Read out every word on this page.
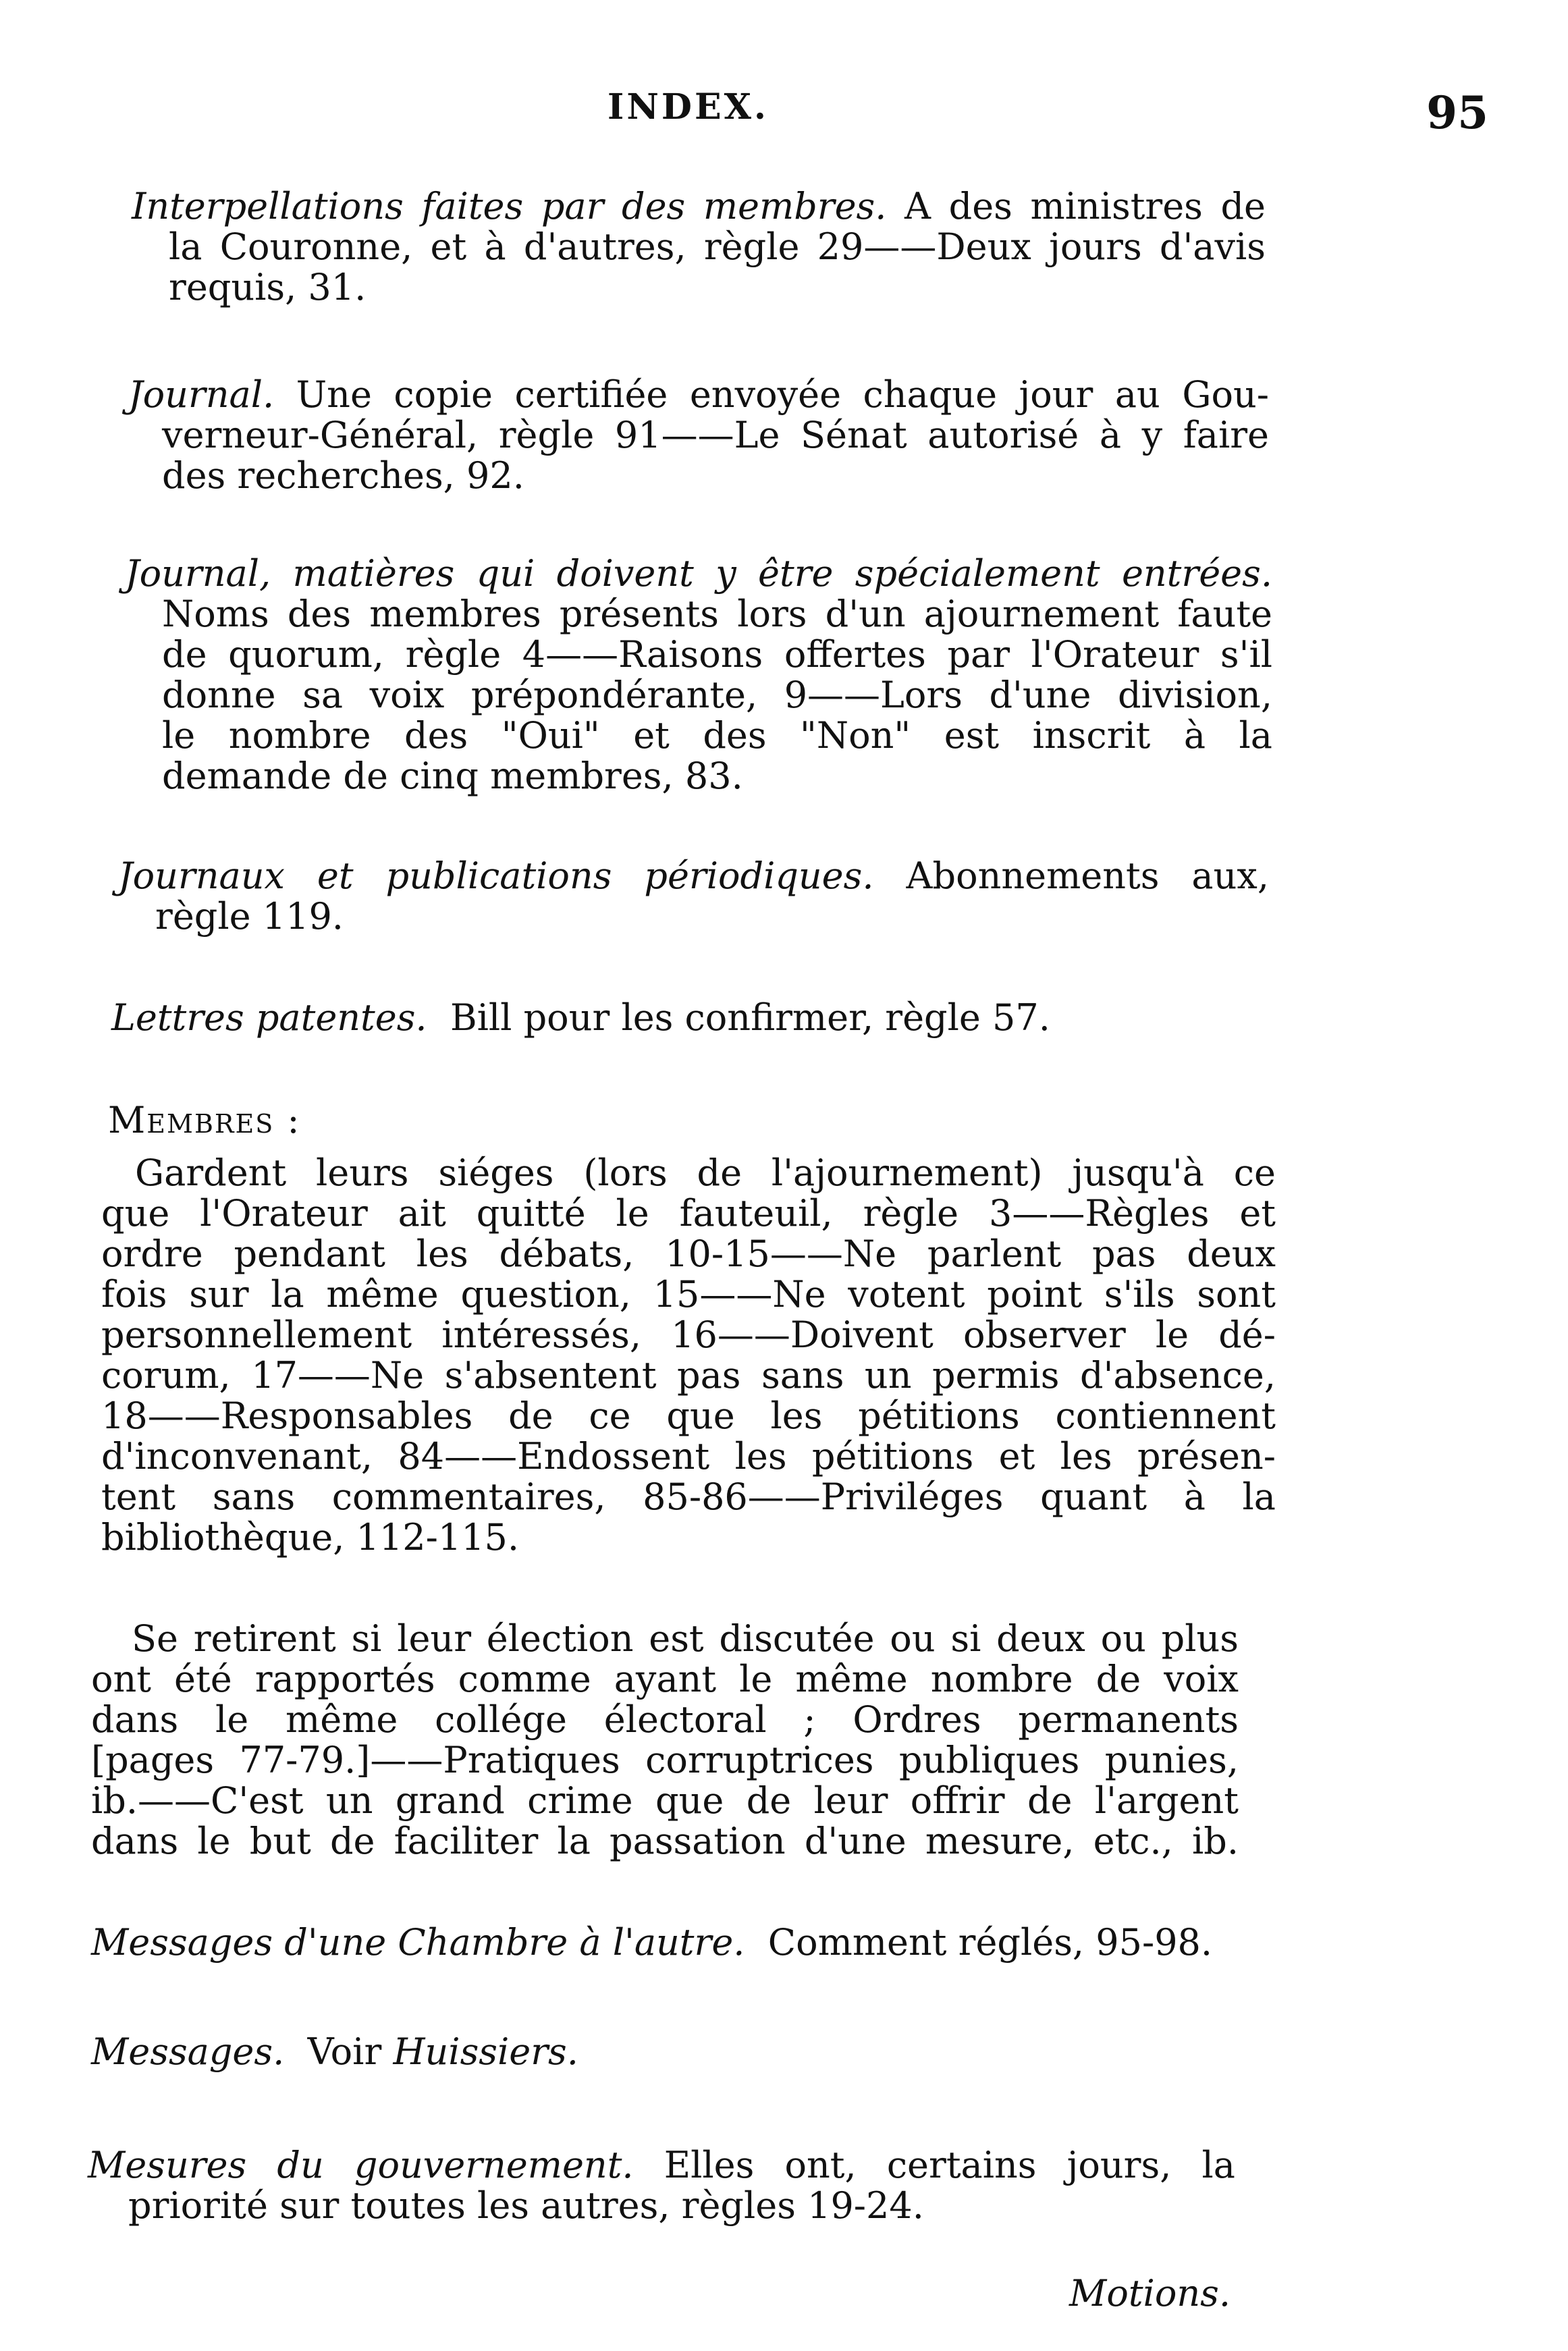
INDEX.	95
Interpellations faites par des membres. A des ministres de
la Couronne, et à d'autres, règle 29——Deux jours d'avis
requis, 31.
Journal. Une copie certifiée envoyée chaque jour au Gou-
verneur-Général, règle 91——Le Sénat autorisé à y faire
des recherches, 92.
Journal, matières qui doivent y être spécialement entrées.
Noms des membres présents lors d'un ajournement faute
de quorum, règle 4——Raisons offertes par l'Orateur s'il
donne sa voix prépondérante, 9——Lors d'une division,
le nombre des "Oui" et des "Non" est inscrit à la
demande de cinq membres, 83.
Journaux et publications périodiques. Abonnements aux,
règle 119.
Lettres patentes. Bill pour les confirmer, règle 57.
Membres :
Gardent leurs siéges (lors de l'ajournement) jusqu'à ce
que l'Orateur ait quitté le fauteuil, règle 3——Règles et
ordre pendant les débats, 10-15——Ne parlent pas deux
fois sur la même question, 15——Ne votent point s'ils sont
personnellement intéressés, 16——Doivent observer le dé-
corum, 17——Ne s'absentent pas sans un permis d'absence,
18——Responsables de ce que les pétitions contiennent
d'inconvenant, 84——Endossent les pétitions et les présen-
tent sans commentaires, 85-86——Priviléges quant à la
bibliothèque, 112-115.
Se retirent si leur élection est discutée ou si deux ou plus
ont été rapportés comme ayant le même nombre de voix
dans le même collége électoral ; Ordres permanents
[pages 77-79.]——Pratiques corruptrices publiques punies,
ib.——C'est un grand crime que de leur offrir de l'argent
dans le but de faciliter la passation d'une mesure, etc., ib.
Messages d'une Chambre à l'autre. Comment réglés, 95-98.
Messages. Voir Huissiers.
Mesures du gouvernement. Elles ont, certains jours, la
priorité sur toutes les autres, règles 19-24.
Motions.
